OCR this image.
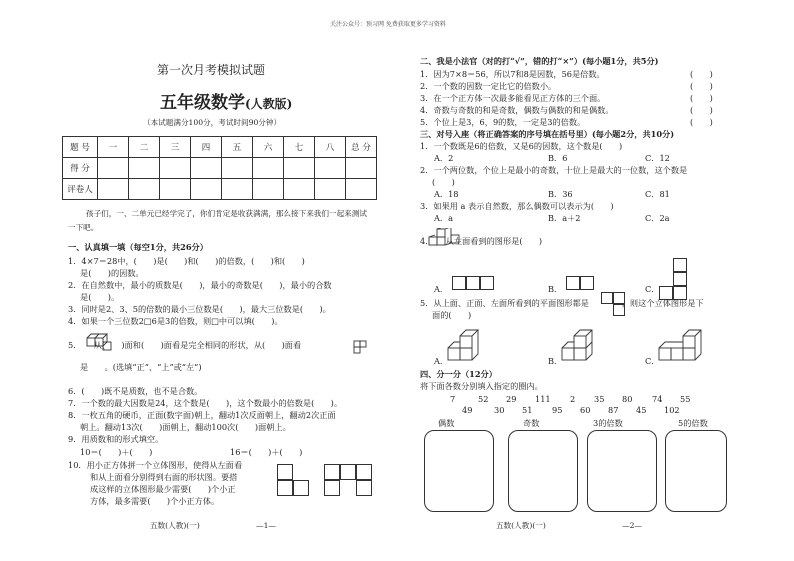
关注公众号：预习网 免费获取更多学习资料
第一次月考模拟试题
五年级数学(人教版)
（本试题满分100分，考试时间90分钟）
题 号	一	二	三	四	五	六	七	八	总 分
得 分									
评卷人									
孩子们，一、二单元已经学完了，你们肯定是收获满满，那么接下来我们一起来测试
一下吧。
一、认真填一填（每空1分，共26分）
1．4×7＝28中，(　　)是(　　)和(　　)的倍数，(　　)和(　　)
是(　　)的因数。
2．在自然数中，最小的质数是(　　)，最小的奇数是(　　)，最小的合数
是(　　)。
3．同时是2、3、5的倍数的最小三位数是(　　)，最大三位数是(　　)。
4．如果一个三位数2□6是3的倍数，则□中可以填(　　)。
5．　　从(　　)面和(　　)面看是完全相同的形状，从(　　)面看
是　　。(选填“正”、“上”或“左”)
6．(　　)既不是质数，也不是合数。
7．一个数的最大因数是24，这个数是(　　)，这个数最小的倍数是(　　)。
8．一枚五角的硬币，正面(数字面)朝上，翻动1次反面朝上，翻动2次正面
朝上。翻动13次(　　)面朝上，翻动100次(　　)面朝上。
9．用质数和的形式填空。
10＝(　　)＋(　　)	16＝(　　)＋(　　)
10．用小正方体拼一个立体图形，使得从左面看
和从上面看分别得到右面的形状图。要搭
成这样的立体图形最少需要(　　)个小正
方体，最多需要(　　)个小正方体。
五数(人教)(一)	—1—
二、我是小法官（对的打“√”，错的打“×”）(每小题1分，共5分)
1．因为7×8＝56，所以7和8是因数，56是倍数。	(　　)
2．一个数的因数一定比它的倍数小。	(　　)
3．在一个正方体一次最多能看见正方体的三个面。	(　　)
4．奇数与奇数的和是奇数，偶数与偶数的和是偶数。	(　　)
5．个位上是3，6，9的数，一定是3的倍数。	(　　)
三、对号入座（将正确答案的序号填在括号里）(每小题2分，共10分)
1．一个数既是6的倍数，又是6的因数，这个数是(　　)
A．2	B．6	C．12
2．一个两位数，个位上是最小的奇数，十位上是最大的一位数，这个数是
(　　)
A．18	B．36	C．81
3．如果用 a 表示自然数，那么偶数可以表示为(　　)
A．a	B．a＋2	C．2a
4．　　从左面看到的图形是(　　)
A．	B．	C．
5．从上面、正面、左面所看到的平面图形都是　　　　，则这个立体图形是下
面的(　　)
A．	B．	C．
四、分一分（12分）
将下面各数分别填入指定的圈内。
7	52 29 111 2 35 80 74 55
49	30 51 95 60 87 45 102
偶数	奇数	3的倍数	5的倍数
五数(人教)(一)	—2—
